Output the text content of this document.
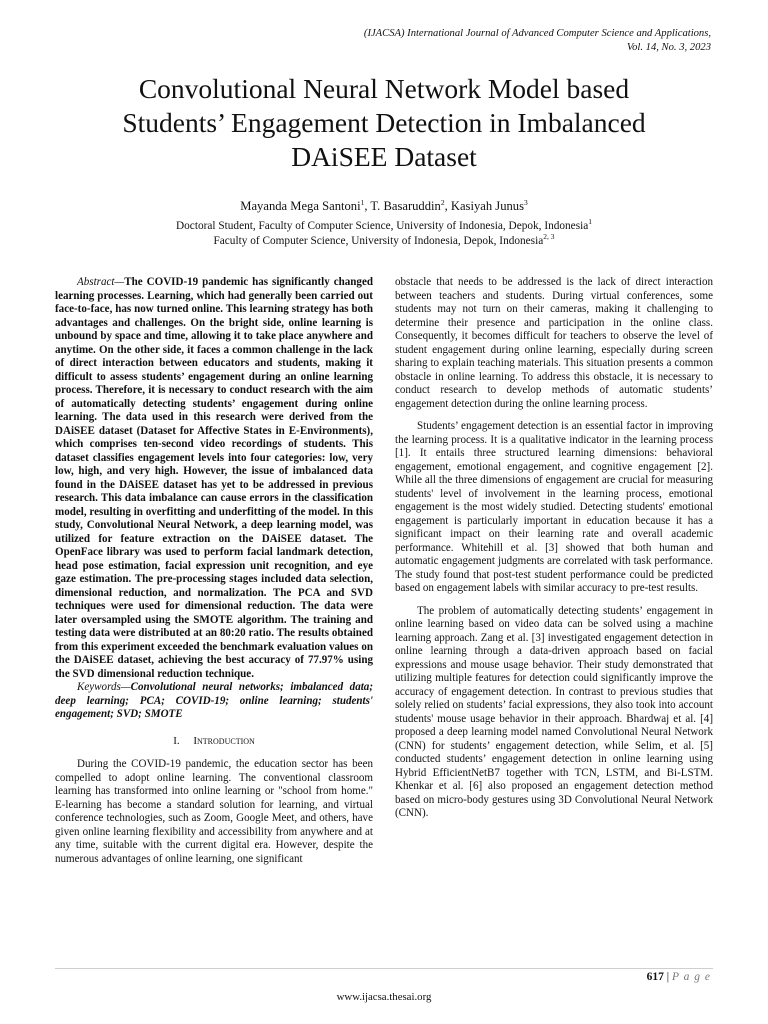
(IJACSA) International Journal of Advanced Computer Science and Applications,
Vol. 14, No. 3, 2023
Convolutional Neural Network Model based
Students’ Engagement Detection in Imbalanced
DAiSEE Dataset
Mayanda Mega Santoni$^1$, T. Basaruddin$^2$, Kasiyah Junus$^3$
Doctoral Student, Faculty of Computer Science, University of Indonesia, Depok, Indonesia$^1$
Faculty of Computer Science, University of Indonesia, Depok, Indonesia$^{2, 3}$

Abstract—The COVID-19 pandemic has significantly changed learning processes. Learning, which had generally been carried out face-to-face, has now turned online. This learning strategy has both advantages and challenges. On the bright side, online learning is unbound by space and time, allowing it to take place anywhere and anytime. On the other side, it faces a common challenge in the lack of direct interaction between educators and students, making it difficult to assess students’ engagement during an online learning process. Therefore, it is necessary to conduct research with the aim of automatically detecting students’ engagement during online learning. The data used in this research were derived from the DAiSEE dataset (Dataset for Affective States in E-Environments), which comprises ten-second video recordings of students. This dataset classifies engagement levels into four categories: low, very low, high, and very high. However, the issue of imbalanced data found in the DAiSEE dataset has yet to be addressed in previous research. This data imbalance can cause errors in the classification model, resulting in overfitting and underfitting of the model. In this study, Convolutional Neural Network, a deep learning model, was utilized for feature extraction on the DAiSEE dataset. The OpenFace library was used to perform facial landmark detection, head pose estimation, facial expression unit recognition, and eye gaze estimation. The pre-processing stages included data selection, dimensional reduction, and normalization. The PCA and SVD techniques were used for dimensional reduction. The data were later oversampled using the SMOTE algorithm. The training and testing data were distributed at an 80:20 ratio. The results obtained from this experiment exceeded the benchmark evaluation values on the DAiSEE dataset, achieving the best accuracy of 77.97% using the SVD dimensional reduction technique.

Keywords—Convolutional neural networks; imbalanced data; deep learning; PCA; COVID-19; online learning; students' engagement; SVD; SMOTE

I. Introduction

During the COVID-19 pandemic, the education sector has been compelled to adopt online learning. The conventional classroom learning has transformed into online learning or "school from home." E-learning has become a standard solution for learning, and virtual conference technologies, such as Zoom, Google Meet, and others, have given online learning flexibility and accessibility from anywhere and at any time, suitable with the current digital era. However, despite the numerous advantages of online learning, one significant

obstacle that needs to be addressed is the lack of direct interaction between teachers and students. During virtual conferences, some students may not turn on their cameras, making it challenging to determine their presence and participation in the online class. Consequently, it becomes difficult for teachers to observe the level of student engagement during online learning, especially during screen sharing to explain teaching materials. This situation presents a common obstacle in online learning. To address this obstacle, it is necessary to conduct research to develop methods of automatic students’ engagement detection during the online learning process.

Students’ engagement detection is an essential factor in improving the learning process. It is a qualitative indicator in the learning process [1]. It entails three structured learning dimensions: behavioral engagement, emotional engagement, and cognitive engagement [2]. While all the three dimensions of engagement are crucial for measuring students' level of involvement in the learning process, emotional engagement is the most widely studied. Detecting students' emotional engagement is particularly important in education because it has a significant impact on their learning rate and overall academic performance. Whitehill et al. [3] showed that both human and automatic engagement judgments are correlated with task performance. The study found that post-test student performance could be predicted based on engagement labels with similar accuracy to pre-test results.

The problem of automatically detecting students’ engagement in online learning based on video data can be solved using a machine learning approach. Zang et al. [3] investigated engagement detection in online learning through a data-driven approach based on facial expressions and mouse usage behavior. Their study demonstrated that utilizing multiple features for detection could significantly improve the accuracy of engagement detection. In contrast to previous studies that solely relied on students’ facial expressions, they also took into account students' mouse usage behavior in their approach. Bhardwaj et al. [4] proposed a deep learning model named Convolutional Neural Network (CNN) for students’ engagement detection, while Selim, et al. [5] conducted students’ engagement detection in online learning using Hybrid EfficientNetB7 together with TCN, LSTM, and Bi-LSTM. Khenkar et al. [6] also proposed an engagement detection method based on micro-body gestures using 3D Convolutional Neural Network (CNN).

617 | P a g e
www.ijacsa.thesai.org
